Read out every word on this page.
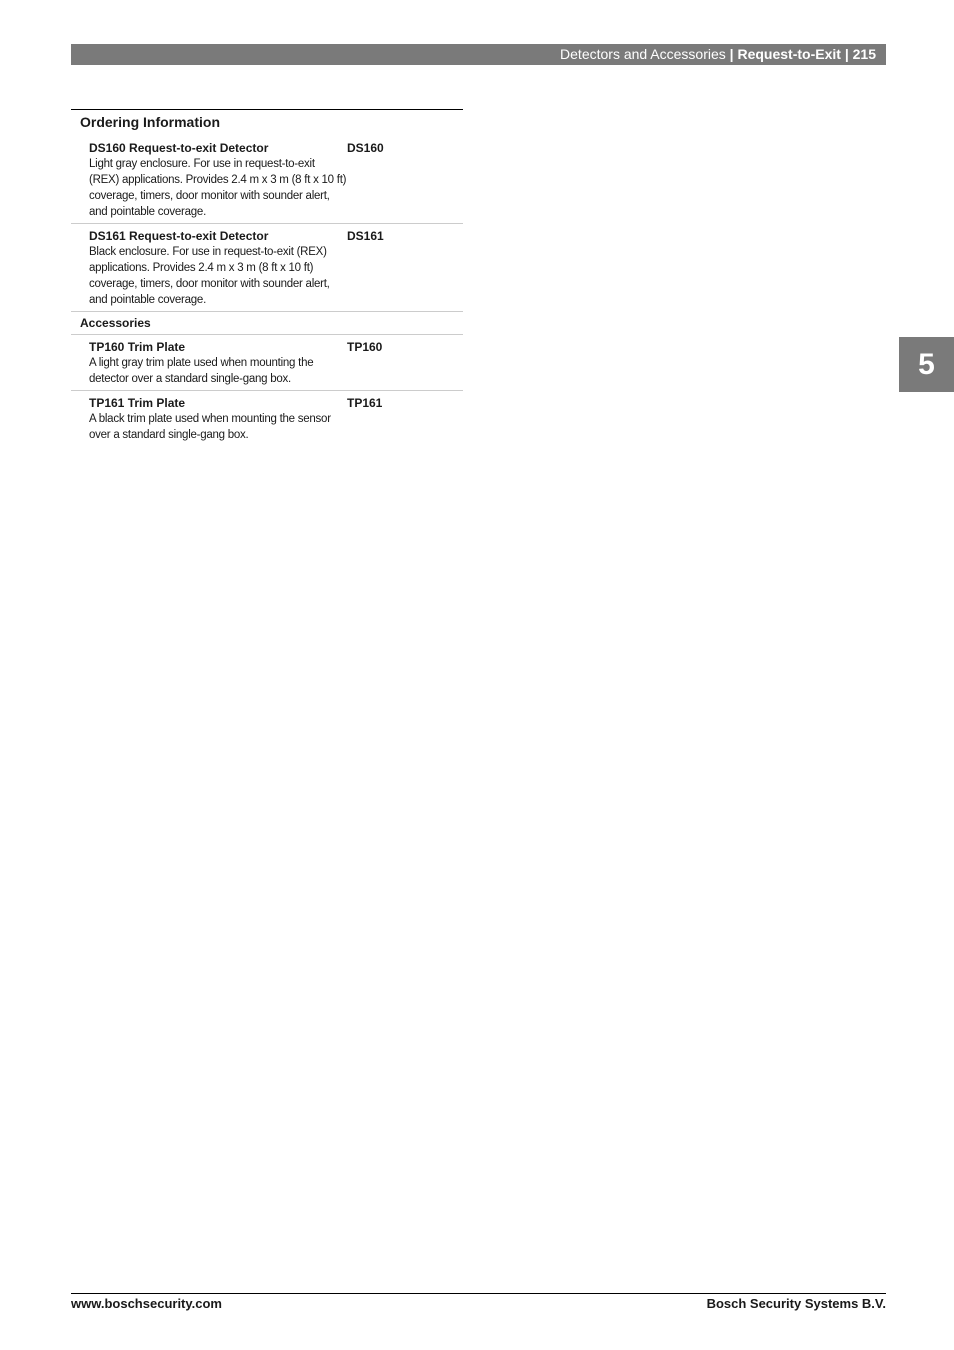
Detectors and Accessories | Request-to-Exit | 215
5
Ordering Information
DS160 Request-to-exit Detector
Light gray enclosure. For use in request-to-exit (REX) applications. Provides 2.4 m x 3 m (8 ft x 10 ft) coverage, timers, door monitor with sounder alert, and pointable coverage.
DS160
DS161 Request-to-exit Detector
Black enclosure. For use in request-to-exit (REX) applications. Provides 2.4 m x 3 m (8 ft x 10 ft) coverage, timers, door monitor with sounder alert, and pointable coverage.
DS161
Accessories
TP160 Trim Plate
A light gray trim plate used when mounting the detector over a standard single-gang box.
TP160
TP161 Trim Plate
A black trim plate used when mounting the sensor over a standard single-gang box.
TP161
www.boschsecurity.com	Bosch Security Systems B.V.
